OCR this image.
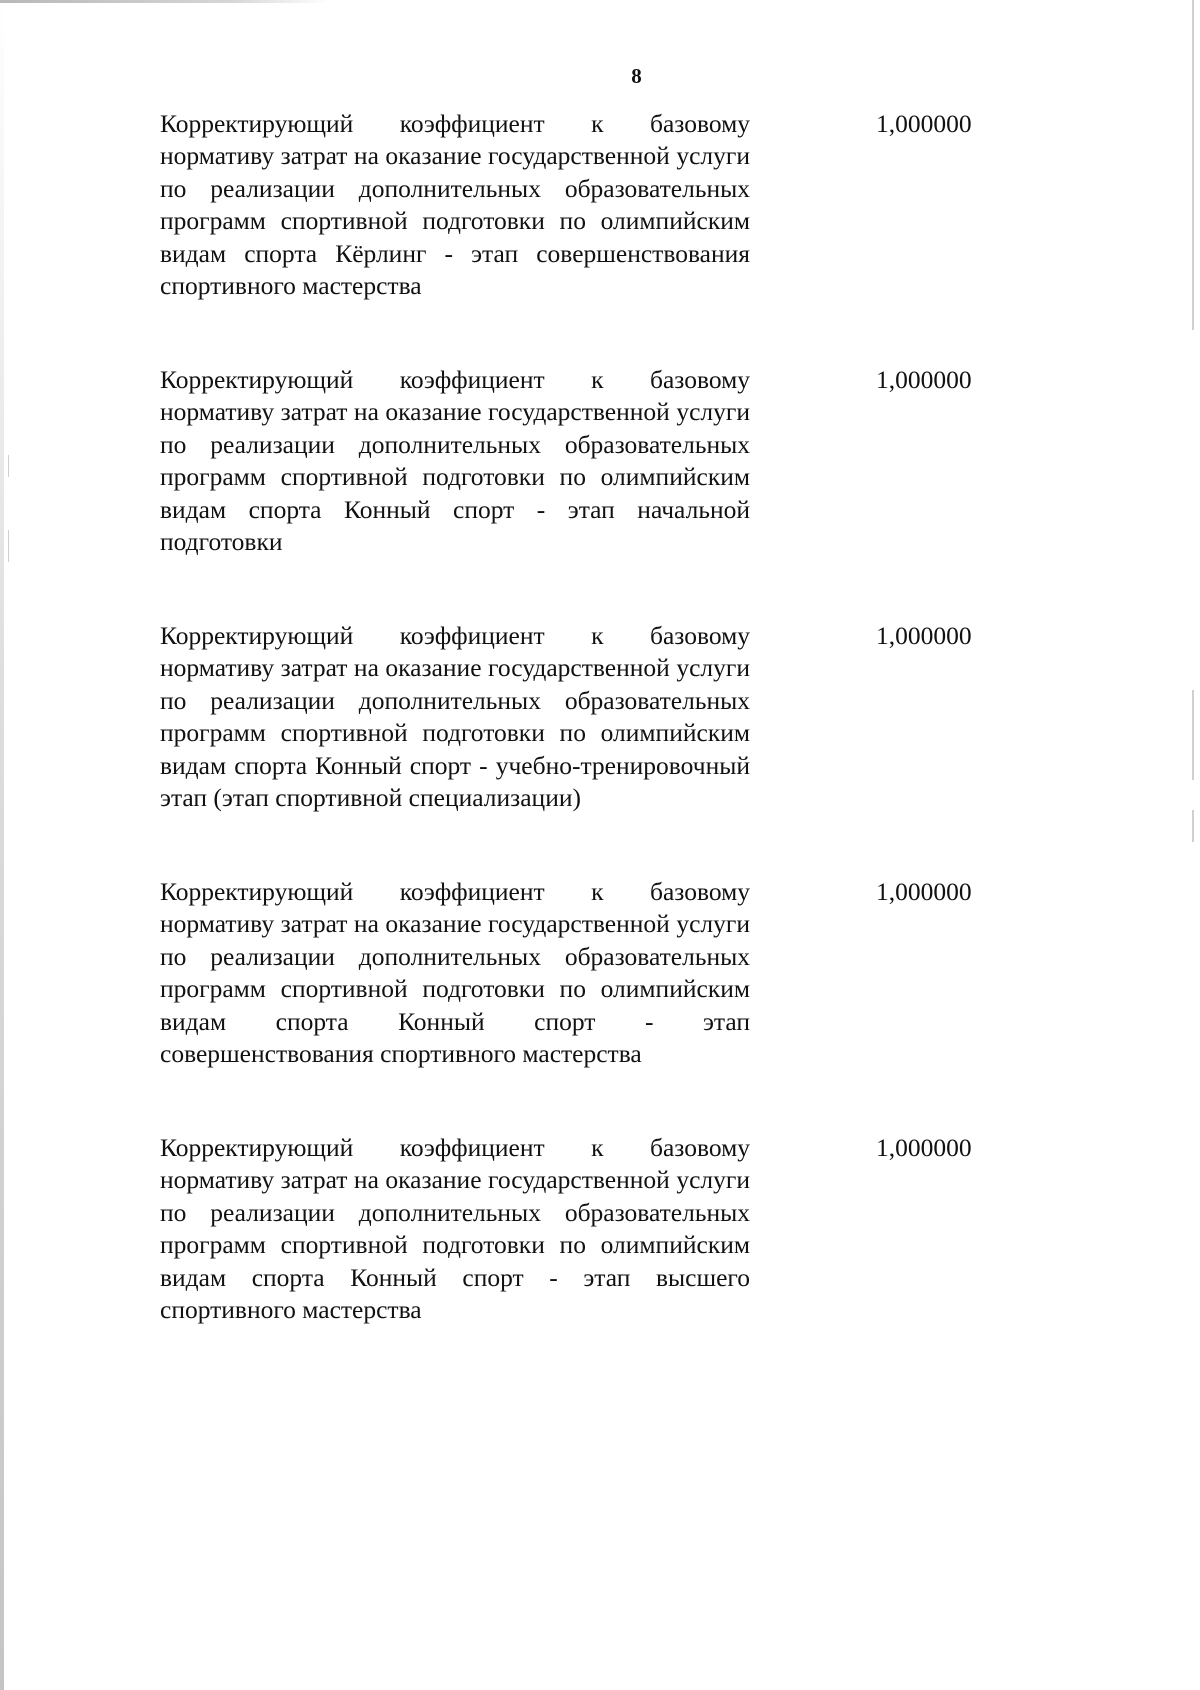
8
Корректирующий коэффициент к базовому нормативу затрат на оказание государственной услуги по реализации дополнительных образовательных программ спортивной подготовки по олимпийским видам спорта Кёрлинг - этап совершенствования спортивного мастерства
1,000000
Корректирующий коэффициент к базовому нормативу затрат на оказание государственной услуги по реализации дополнительных образовательных программ спортивной подготовки по олимпийским видам спорта Конный спорт - этап начальной подготовки
1,000000
Корректирующий коэффициент к базовому нормативу затрат на оказание государственной услуги по реализации дополнительных образовательных программ спортивной подготовки по олимпийским видам спорта Конный спорт - учебно-тренировочный этап (этап спортивной специализации)
1,000000
Корректирующий коэффициент к базовому нормативу затрат на оказание государственной услуги по реализации дополнительных образовательных программ спортивной подготовки по олимпийским видам спорта Конный спорт - этап совершенствования спортивного мастерства
1,000000
Корректирующий коэффициент к базовому нормативу затрат на оказание государственной услуги по реализации дополнительных образовательных программ спортивной подготовки по олимпийским видам спорта Конный спорт - этап высшего спортивного мастерства
1,000000
